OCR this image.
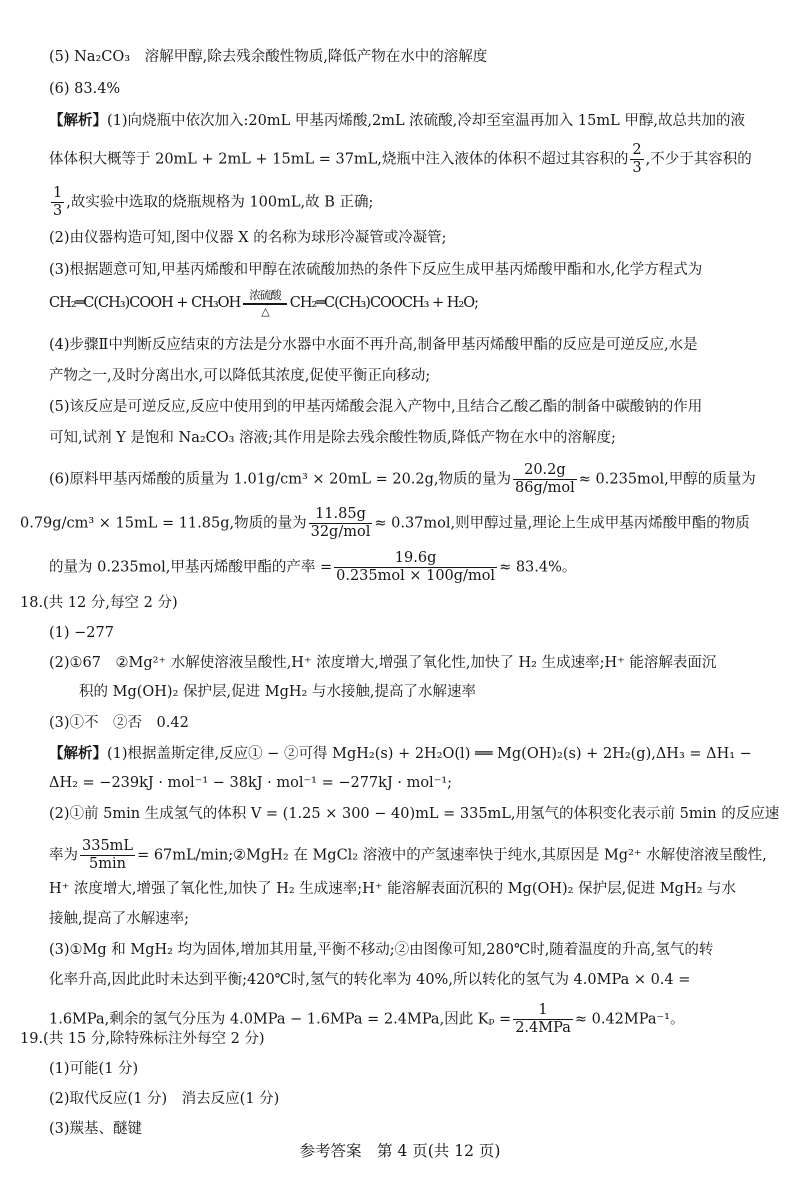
(5) Na₂CO₃　溶解甲醇,除去残余酸性物质,降低产物在水中的溶解度
(6) 83.4%
【解析】(1)向烧瓶中依次加入:20mL 甲基丙烯酸,2mL 浓硫酸,冷却至室温再加入 15mL 甲醇,故总共加的液
体体积大概等于 20mL + 2mL + 15mL = 37mL,烧瓶中注入液体的体积不超过其容积的 $\frac{2}{3}$ ,不少于其容积的
$\frac{1}{3}$ ,故实验中选取的烧瓶规格为 100mL,故 B 正确;
(2)由仪器构造可知,图中仪器 X 的名称为球形冷凝管或冷凝管;
(3)根据题意可知,甲基丙烯酸和甲醇在浓硫酸加热的条件下反应生成甲基丙烯酸甲酯和水,化学方程式为
CH₂═C(CH₃)COOH + CH₃OH 浓硫酸
△
CH₂═C(CH₃)COOCH₃ + H₂O;
(4)步骤Ⅱ中判断反应结束的方法是分水器中水面不再升高,制备甲基丙烯酸甲酯的反应是可逆反应,水是
产物之一,及时分离出水,可以降低其浓度,促使平衡正向移动;
(5)该反应是可逆反应,反应中使用到的甲基丙烯酸会混入产物中,且结合乙酸乙酯的制备中碳酸钠的作用
可知,试剂 Y 是饱和 Na₂CO₃ 溶液;其作用是除去残余酸性物质,降低产物在水中的溶解度;
(6)原料甲基丙烯酸的质量为 1.01g/cm³ × 20mL = 20.2g,物质的量为 $\frac{20.2g}{\text{86g/mol}} \approx 0.235mol$,甲醇的质量为
0.79g/cm³ × 15mL = 11.85g,物质的量为 $\frac{11.85g}{\text{32g/mol}} \approx 0.37mol$,则甲醇过量,理论上生成甲基丙烯酸甲酯的物质
的量为 0.235mol,甲基丙烯酸甲酯的产率 = $\frac{19.6g}{\text{0.235mol × 100g/mol}} \approx 83.4\%$。
18.(共 12 分,每空 2 分)
(1) −277
(2)①67　②Mg²⁺ 水解使溶液呈酸性,H⁺ 浓度增大,增强了氧化性,加快了 H₂ 生成速率;H⁺ 能溶解表面沉
积的 Mg(OH)₂ 保护层,促进 MgH₂ 与水接触,提高了水解速率
(3)①不　②否　0.42
【解析】(1)根据盖斯定律,反应① − ②可得 MgH₂(s) + 2H₂O(l) ══ Mg(OH)₂(s) + 2H₂(g),ΔH₃ = ΔH₁ −
ΔH₂ = −239kJ · mol⁻¹ − 38kJ · mol⁻¹ = −277kJ · mol⁻¹;
(2)①前 5min 生成氢气的体积 V = (1.25 × 300 − 40)mL = 335mL,用氢气的体积变化表示前 5min 的反应速
率为 $\frac{335mL}{5\min}$ = 67mL/min;②MgH₂ 在 MgCl₂ 溶液中的产氢速率快于纯水,其原因是 Mg²⁺ 水解使溶液呈酸性,
H⁺ 浓度增大,增强了氧化性,加快了 H₂ 生成速率;H⁺ 能溶解表面沉积的 Mg(OH)₂ 保护层,促进 MgH₂ 与水
接触,提高了水解速率;
(3)①Mg 和 MgH₂ 均为固体,增加其用量,平衡不移动;②由图像可知,280℃时,随着温度的升高,氢气的转
化率升高,因此此时未达到平衡;420℃时,氢气的转化率为 40%,所以转化的氢气为 4.0MPa × 0.4 =
1.6MPa,剩余的氢气分压为 4.0MPa − 1.6MPa = 2.4MPa,因此 $K_p = \frac{1}{\text{2.4MPa}} \approx 0.42MPa^{-1}$。
19.(共 15 分,除特殊标注外每空 2 分)
(1)可能(1 分)
(2)取代反应(1 分)　消去反应(1 分)
(3)羰基、醚键
参考答案　第 4 页(共 12 页)
